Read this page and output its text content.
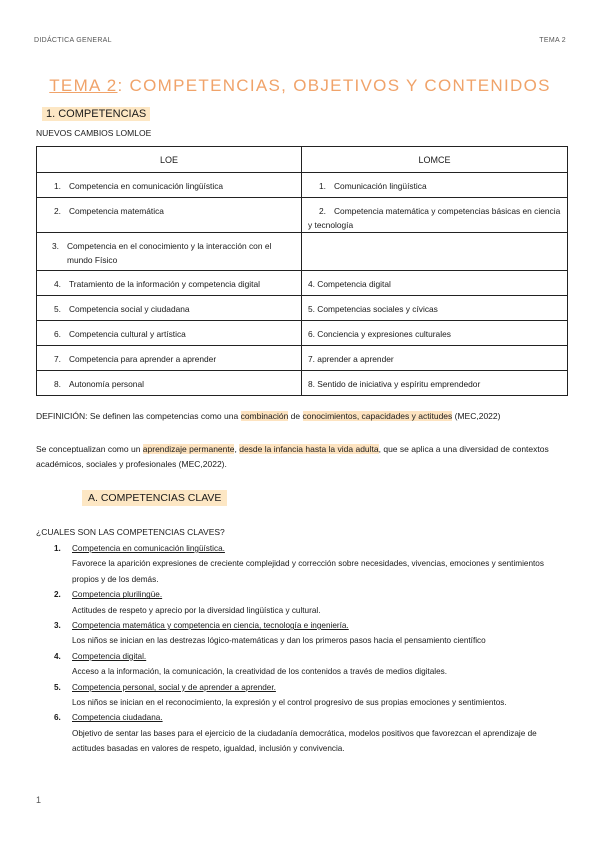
DIDÁCTICA GENERAL	TEMA 2
TEMA 2: COMPETENCIAS, OBJETIVOS Y CONTENIDOS
1. COMPETENCIAS
NUEVOS CAMBIOS LOMLOE
LOE	LOMCE

1. Competencia en comunicación lingüística	1. Comunicación lingüística

2. Competencia matemática	2. Competencia matemática y competencias básicas en ciencia y tecnología

3. Competencia en el conocimiento y la interacción con el mundo Físico	

4. Tratamiento de la información y competencia digital	4. Competencia digital

5. Competencia social y ciudadana	5. Competencias sociales y cívicas

6. Competencia cultural y artística	6. Conciencia y expresiones culturales

7. Competencia para aprender a aprender	7. aprender a aprender

8. Autonomía personal	8. Sentido de iniciativa y espíritu emprendedor
DEFINICIÓN: Se definen las competencias como una combinación de conocimientos, capacidades y actitudes (MEC,2022)
Se conceptualizan como un aprendizaje permanente, desde la infancia hasta la vida adulta, que se aplica a una diversidad de contextos académicos, sociales y profesionales (MEC,2022).
A. COMPETENCIAS CLAVE
¿CUALES SON LAS COMPETENCIAS CLAVES?
1.	Competencia en comunicación lingüística.
Favorece la aparición expresiones de creciente complejidad y corrección sobre necesidades, vivencias, emociones y sentimientos propios y de los demás.
2.	Competencia plurilingüe.
Actitudes de respeto y aprecio por la diversidad lingüística y cultural.
3.	Competencia matemática y competencia en ciencia, tecnología e ingeniería.
Los niños se inician en las destrezas lógico-matemáticas y dan los primeros pasos hacia el pensamiento científico
4.	Competencia digital.
Acceso a la información, la comunicación, la creatividad de los contenidos a través de medios digitales.
5.	Competencia personal, social y de aprender a aprender.
Los niños se inician en el reconocimiento, la expresión y el control progresivo de sus propias emociones y sentimientos.
6.	Competencia ciudadana.
Objetivo de sentar las bases para el ejercicio de la ciudadanía democrática, modelos positivos que favorezcan el aprendizaje de actitudes basadas en valores de respeto, igualdad, inclusión y convivencia.
1
